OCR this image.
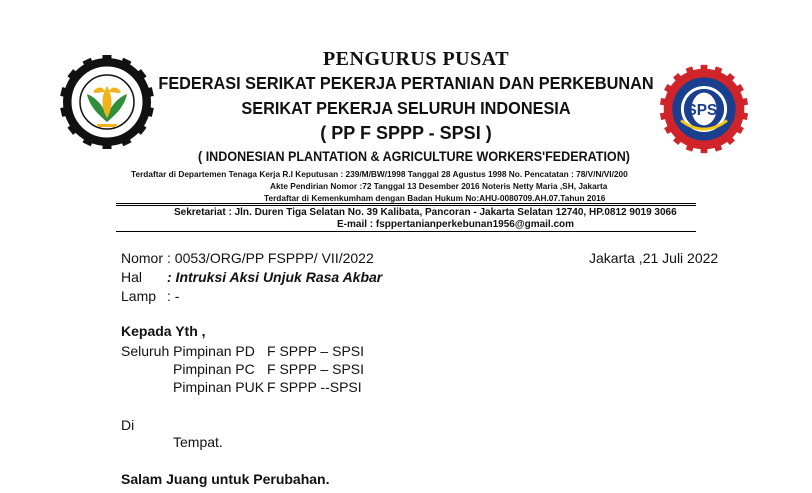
SPSI
PENGURUS PUSAT
FEDERASI SERIKAT PEKERJA PERTANIAN DAN PERKEBUNAN
SERIKAT PEKERJA SELURUH INDONESIA
( PP F SPPP - SPSI )
( INDONESIAN PLANTATION & AGRICULTURE WORKERS'FEDERATION)
Terdaftar di Departemen Tenaga Kerja R.I Keputusan : 239/M/BW/1998 Tanggal 28 Agustus 1998 No. Pencatatan : 78/V/N/VI/200
Akte Pendirian Nomor :72 Tanggal 13 Desember 2016 Noteris Netty Maria ,SH, Jakarta
Terdaftar di Kemenkumham dengan Badan Hukum No:AHU-0080709.AH.07.Tahun 2016
Sekretariat : Jln. Duren Tiga Selatan No. 39 Kalibata, Pancoran - Jakarta Selatan 12740, HP.0812 9019 3066
E-mail : fsppertanianperkebunan1956@gmail.com
Nomor : 0053/ORG/PP FSPPP/ VII/2022	Jakarta ,21 Juli 2022
Hal : Intruksi Aksi Unjuk Rasa Akbar
Lamp : -
Kepada Yth ,
Seluruh Pimpinan PD F SPPP – SPSI
Pimpinan PC F SPPP – SPSI
Pimpinan PUK F SPPP --SPSI
Di
Tempat.
Salam Juang untuk Perubahan.
